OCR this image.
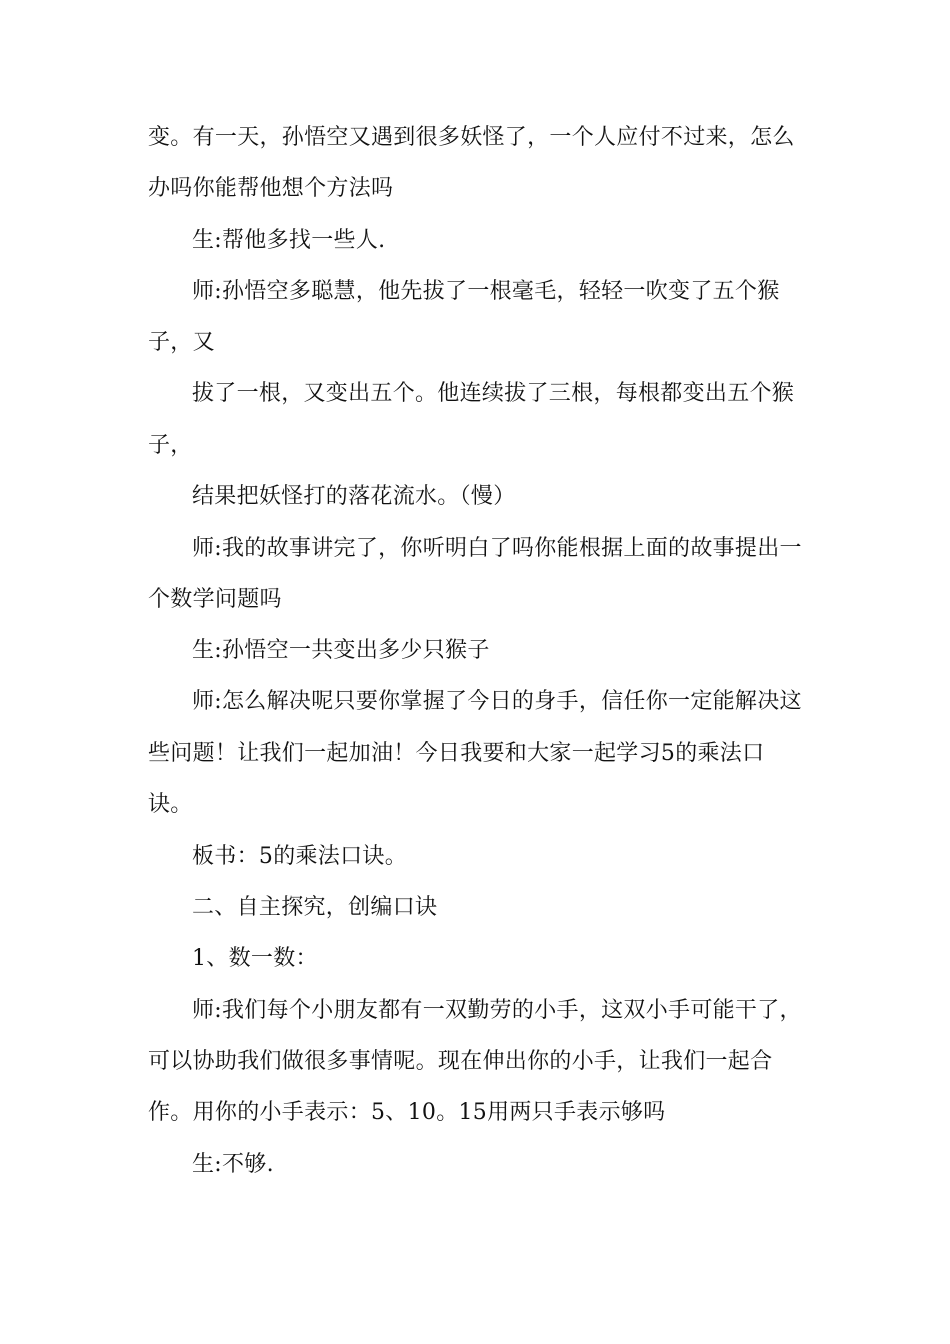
变。有一天，孙悟空又遇到很多妖怪了，一个人应付不过来，怎么

办吗你能帮他想个方法吗

生:帮他多找一些人.

师:孙悟空多聪慧，他先拔了一根毫毛，轻轻一吹变了五个猴

子，又

拔了一根，又变出五个。他连续拔了三根，每根都变出五个猴

子，

结果把妖怪打的落花流水。（慢）

师:我的故事讲完了，你听明白了吗你能根据上面的故事提出一

个数学问题吗

生:孙悟空一共变出多少只猴子

师:怎么解决呢只要你掌握了今日的身手，信任你一定能解决这

些问题！让我们一起加油！今日我要和大家一起学习5的乘法口

诀。

板书：5的乘法口诀。

二、自主探究，创编口诀

1、数一数：

师:我们每个小朋友都有一双勤劳的小手，这双小手可能干了，

可以协助我们做很多事情呢。现在伸出你的小手，让我们一起合

作。用你的小手表示：5、10。15用两只手表示够吗

生:不够.
